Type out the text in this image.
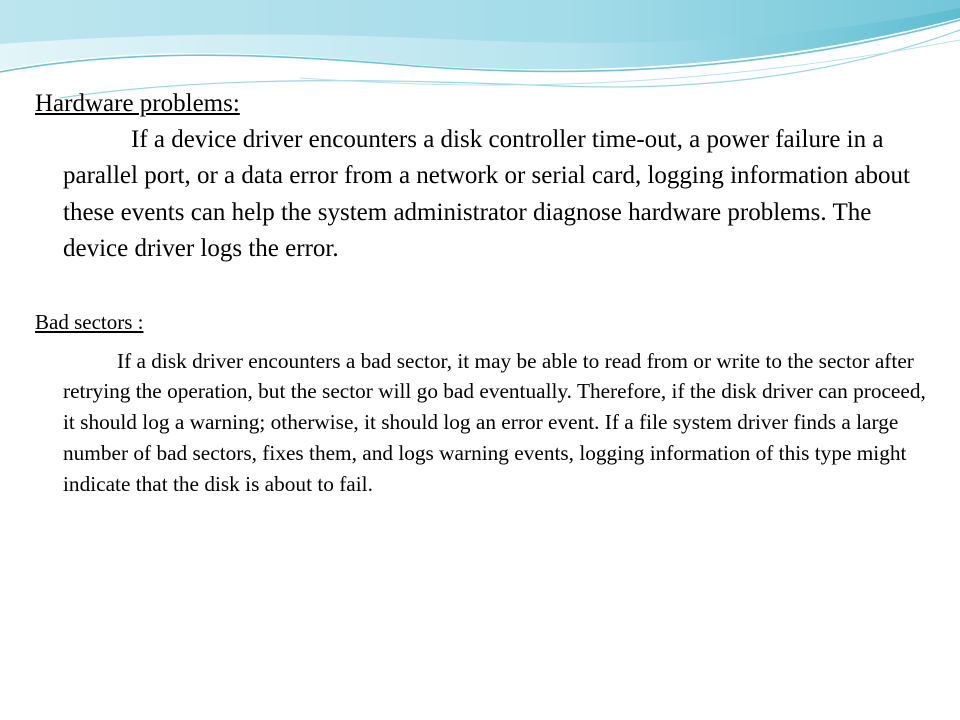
Hardware problems:

If a device driver encounters a disk controller time-out, a power failure in a parallel port, or a data error from a network or serial card, logging information about these events can help the system administrator diagnose hardware problems. The device driver logs the error.

Bad sectors :

If a disk driver encounters a bad sector, it may be able to read from or write to the sector after retrying the operation, but the sector will go bad eventually. Therefore, if the disk driver can proceed, it should log a warning; otherwise, it should log an error event. If a file system driver finds a large number of bad sectors, fixes them, and logs warning events, logging information of this type might indicate that the disk is about to fail.
